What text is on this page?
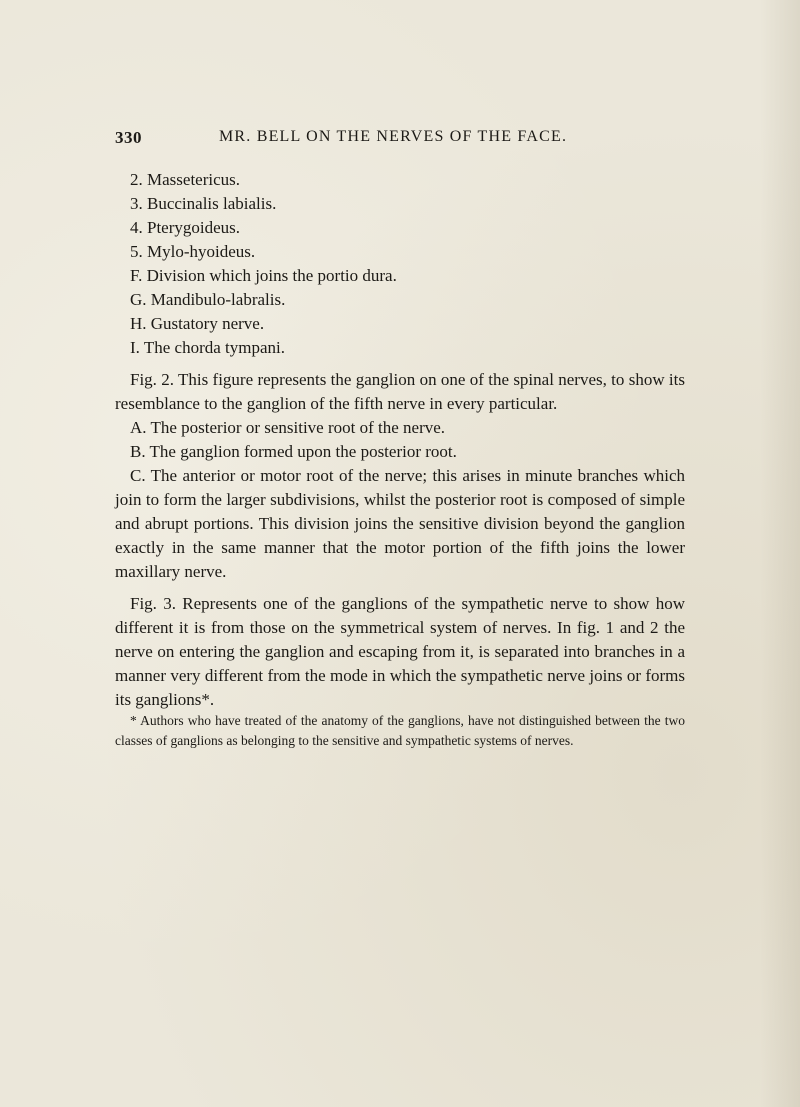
330	MR. BELL ON THE NERVES OF THE FACE.
2. Massetericus.
3. Buccinalis labialis.
4. Pterygoideus.
5. Mylo-hyoideus.
F. Division which joins the portio dura.
G. Mandibulo-labralis.
H. Gustatory nerve.
I. The chorda tympani.

Fig. 2. This figure represents the ganglion on one of the spinal nerves, to show its resemblance to the ganglion of the fifth nerve in every particular.

A. The posterior or sensitive root of the nerve.
B. The ganglion formed upon the posterior root.

C. The anterior or motor root of the nerve; this arises in minute branches which join to form the larger subdivisions, whilst the posterior root is composed of simple and abrupt portions. This division joins the sensitive division beyond the ganglion exactly in the same manner that the motor portion of the fifth joins the lower maxillary nerve.

Fig. 3. Represents one of the ganglions of the sympathetic nerve to show how different it is from those on the symmetrical system of nerves. In fig. 1 and 2 the nerve on entering the ganglion and escaping from it, is separated into branches in a manner very different from the mode in which the sympathetic nerve joins or forms its ganglions*.

* Authors who have treated of the anatomy of the ganglions, have not distinguished between the two classes of ganglions as belonging to the sensitive and sympathetic systems of nerves.
